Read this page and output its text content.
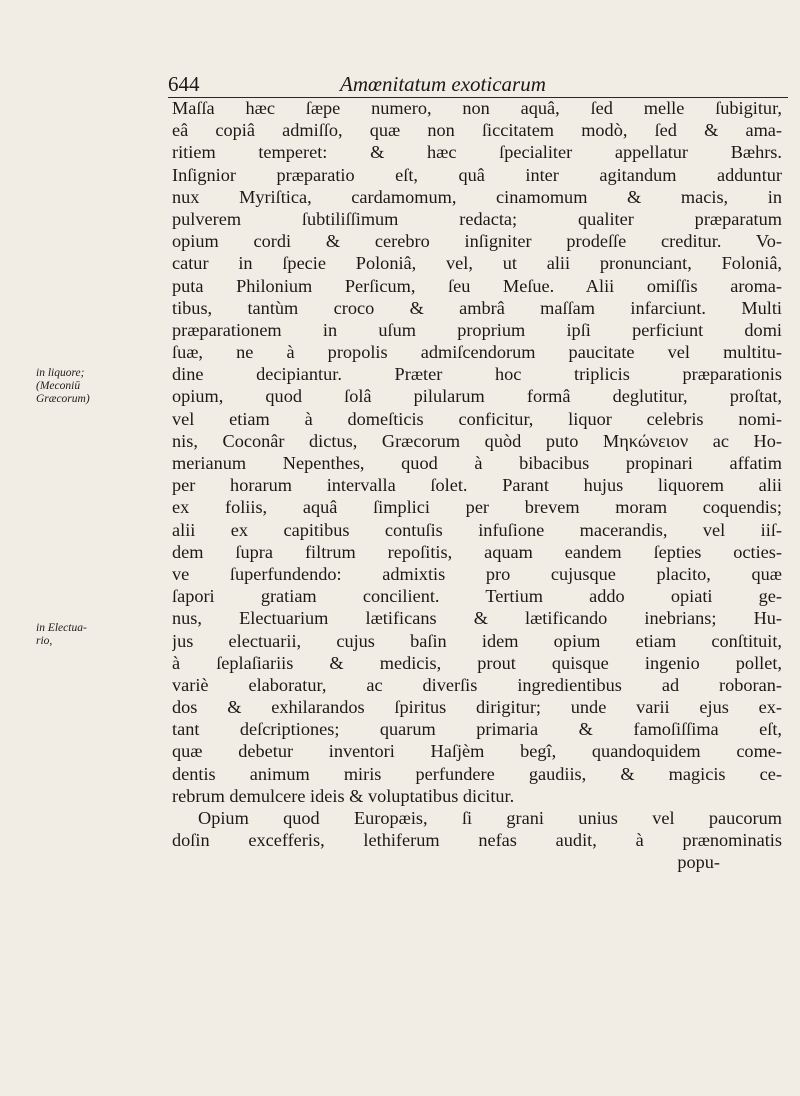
644	Amœnitatum exoticarum
in liquore;
(Meconiū
Græcorum)
in Electua-
rio,
Maſſa hæc ſæpe numero, non aquâ, ſed melle ſubigitur,
eâ copiâ admiſſo, quæ non ſiccitatem modò, ſed & ama-
ritiem temperet: & hæc ſpecialiter appellatur Bæhrs.
Inſignior præparatio eſt, quâ inter agitandum adduntur
nux Myriſtica, cardamomum, cinamomum & macis, in
pulverem ſubtiliſſimum redacta; qualiter præparatum
opium cordi & cerebro inſigniter prodeſſe creditur. Vo-
catur in ſpecie Poloniâ, vel, ut alii pronunciant, Foloniâ,
puta Philonium Perſicum, ſeu Meſue. Alii omiſſis aroma-
tibus, tantùm croco & ambrâ maſſam infarciunt. Multi
præparationem in uſum proprium ipſi perficiunt domi
ſuæ, ne à propolis admiſcendorum paucitate vel multitu-
dine decipiantur. Præter hoc triplicis præparationis
opium, quod ſolâ pilularum formâ deglutitur, proſtat,
vel etiam à domeſticis conficitur, liquor celebris nomi-
nis, Coconâr dictus, Græcorum quòd puto Μηκώνειον ac Ho-
merianum Nepenthes, quod à bibacibus propinari affatim
per horarum intervalla ſolet. Parant hujus liquorem alii
ex foliis, aquâ ſimplici per brevem moram coquendis;
alii ex capitibus contuſis infuſione macerandis, vel iiſ-
dem ſupra filtrum repoſitis, aquam eandem ſepties octies-
ve ſuperfundendo: admixtis pro cujusque placito, quæ
ſapori gratiam concilient. Tertium addo opiati ge-
nus, Electuarium lætificans & lætificando inebrians; Hu-
jus electuarii, cujus baſin idem opium etiam conſtituit,
à ſeplaſiariis & medicis, prout quisque ingenio pollet,
variè elaboratur, ac diverſis ingredientibus ad roboran-
dos & exhilarandos ſpiritus dirigitur; unde varii ejus ex-
tant deſcriptiones; quarum primaria & famoſiſſima eſt,
quæ debetur inventori Haſjèm begî, quandoquidem come-
dentis animum miris perfundere gaudiis, & magicis ce-
rebrum demulcere ideis & voluptatibus dicitur.
Opium quod Europæis, ſi grani unius vel paucorum
doſin excefferis, lethiferum nefas audit, à prænominatis
popu-
